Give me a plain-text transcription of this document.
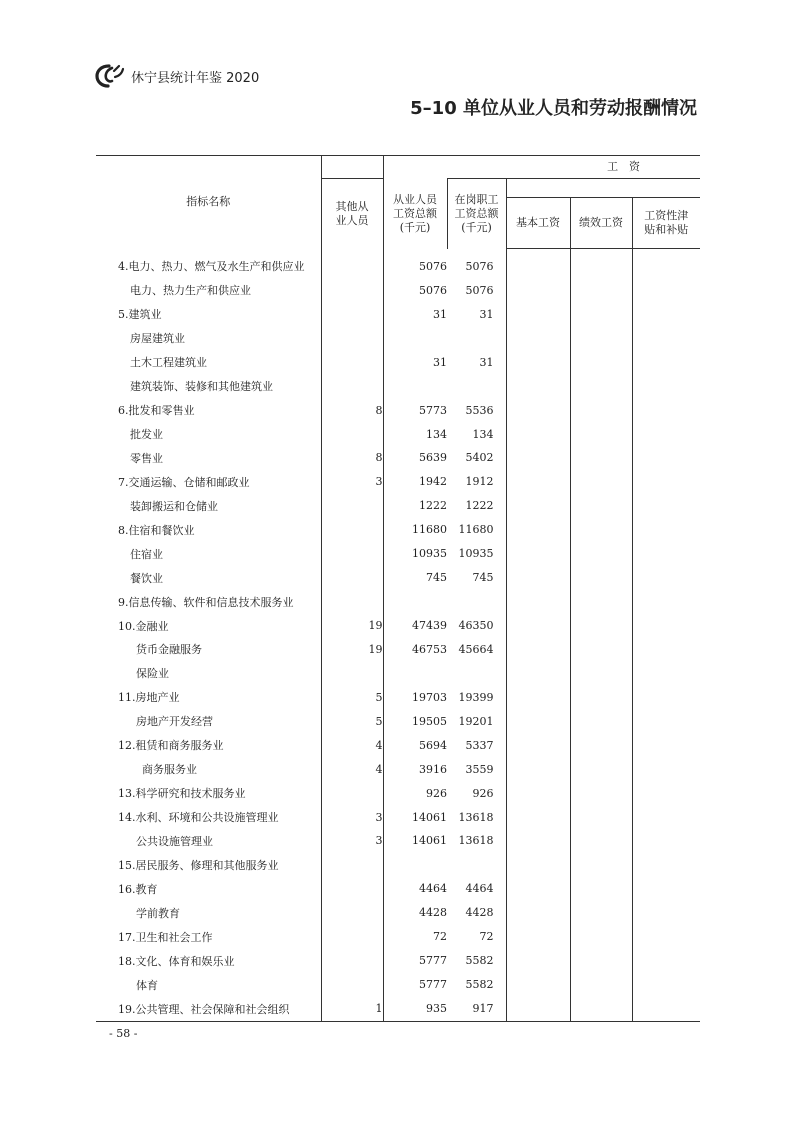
休宁县统计年鉴 2020
5–10 单位从业人员和劳动报酬情况
指标名称		工　资				

	其他从业人员	从业人员工资总额(千元)	在岗职工工资总额(千元)			

				基本工资	绩效工资	工资性津贴和补贴

4.电力、热力、燃气及水生产和供应业		5076	5076			
电力、热力生产和供应业		5076	5076			
5.建筑业		31	31			
房屋建筑业						
土木工程建筑业		31	31			
建筑装饰、装修和其他建筑业						
6.批发和零售业	8	5773	5536			
批发业		134	134			
零售业	8	5639	5402			
7.交通运输、仓储和邮政业	3	1942	1912			
装卸搬运和仓储业		1222	1222			
8.住宿和餐饮业		11680	11680			
住宿业		10935	10935			
餐饮业		745	745			
9.信息传输、软件和信息技术服务业						
10.金融业	19	47439	46350			
货币金融服务	19	46753	45664			
保险业						
11.房地产业	5	19703	19399			
房地产开发经营	5	19505	19201			
12.租赁和商务服务业	4	5694	5337			
商务服务业	4	3916	3559			
13.科学研究和技术服务业		926	926			
14.水利、环境和公共设施管理业	3	14061	13618			
公共设施管理业	3	14061	13618			
15.居民服务、修理和其他服务业						
16.教育		4464	4464			
学前教育		4428	4428			
17.卫生和社会工作		72	72			
18.文化、体育和娱乐业		5777	5582			
体育		5777	5582			
19.公共管理、社会保障和社会组织	1	935	917			
- 58 -
